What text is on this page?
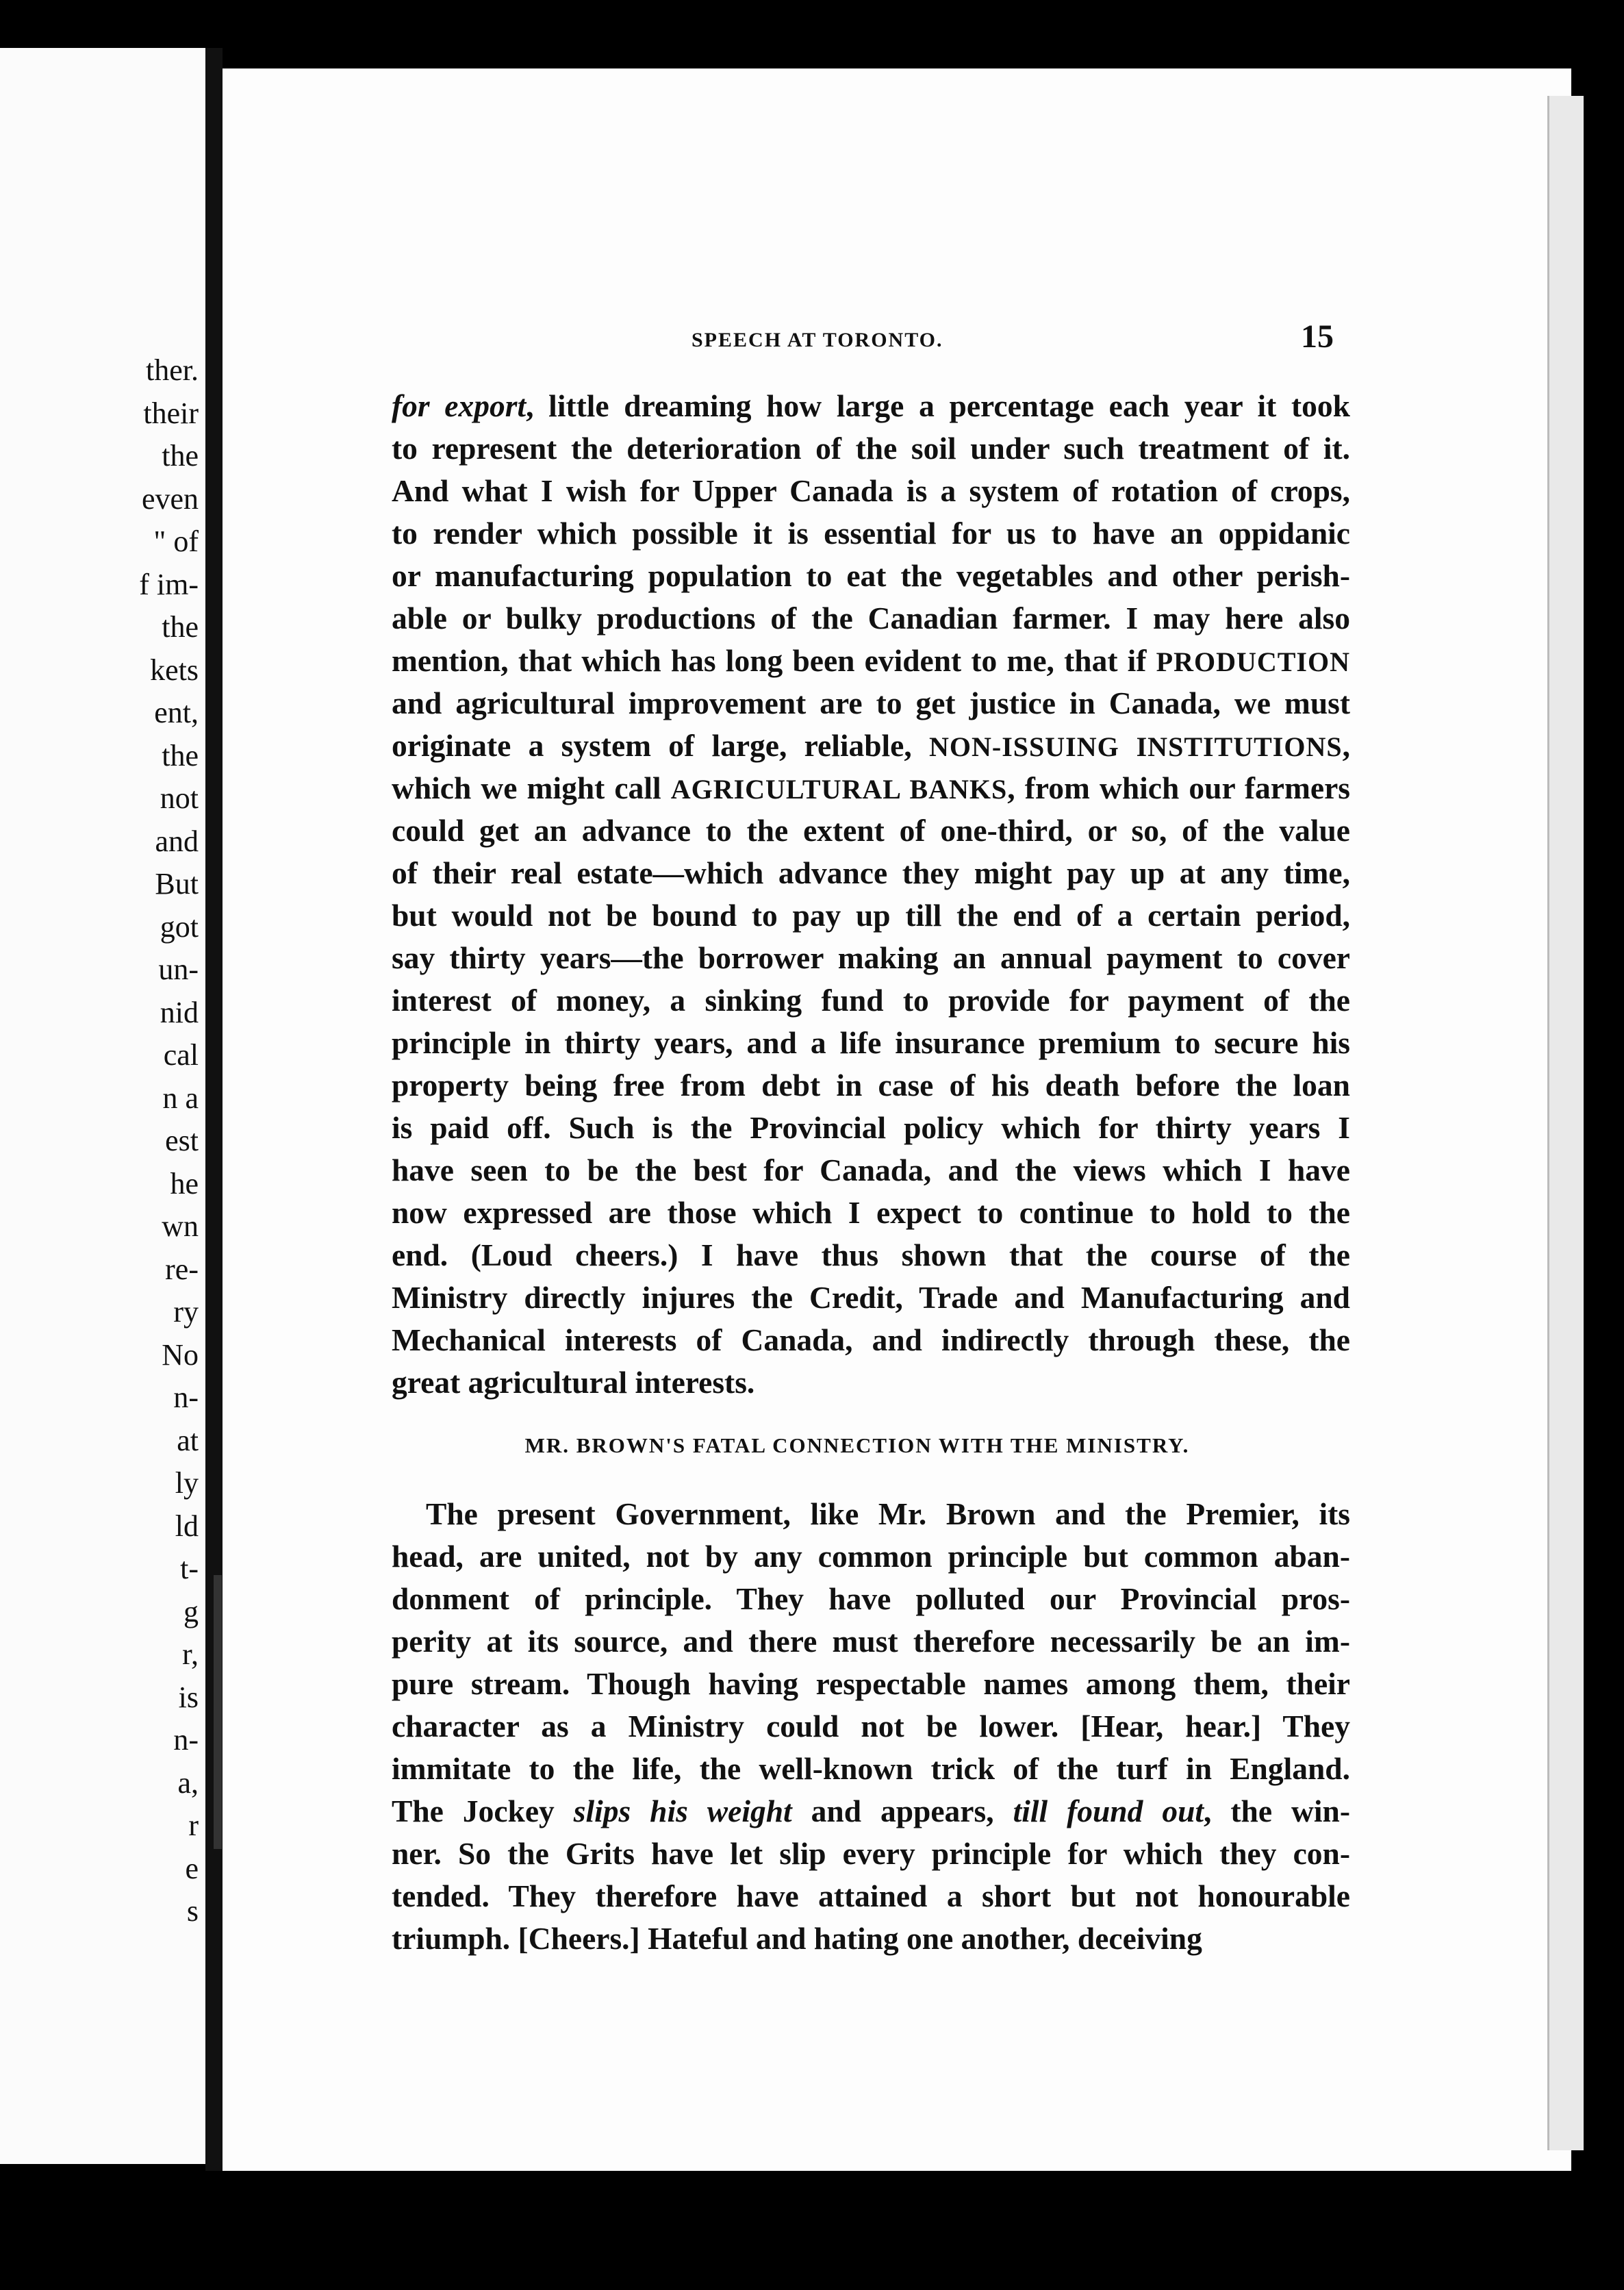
ther.
their
the
even
" of
f im-
the
kets
ent,
the
not
and
But
got
un-
nid
cal
n a
est
he
wn
re-
ry
No
n-
at
ly
ld
t-
g
r,
is
n-
a,
r
e
s
SPEECH AT TORONTO.	15
for export, little dreaming how large a percentage each year it took
to represent the deterioration of the soil under such treatment of it.
And what I wish for Upper Canada is a system of rotation of crops,
to render which possible it is essential for us to have an oppidanic
or manufacturing population to eat the vegetables and other perish-
able or bulky productions of the Canadian farmer. I may here also
mention, that which has long been evident to me, that if PRODUCTION
and agricultural improvement are to get justice in Canada, we must
originate a system of large, reliable, NON-ISSUING INSTITUTIONS,
which we might call AGRICULTURAL BANKS, from which our farmers
could get an advance to the extent of one-third, or so, of the value
of their real estate—which advance they might pay up at any time,
but would not be bound to pay up till the end of a certain period,
say thirty years—the borrower making an annual payment to cover
interest of money, a sinking fund to provide for payment of the
principle in thirty years, and a life insurance premium to secure his
property being free from debt in case of his death before the loan
is paid off. Such is the Provincial policy which for thirty years I
have seen to be the best for Canada, and the views which I have
now expressed are those which I expect to continue to hold to the
end. (Loud cheers.) I have thus shown that the course of the
Ministry directly injures the Credit, Trade and Manufacturing and
Mechanical interests of Canada, and indirectly through these, the
great agricultural interests.
MR. BROWN'S FATAL CONNECTION WITH THE MINISTRY.
The present Government, like Mr. Brown and the Premier, its
head, are united, not by any common principle but common aban-
donment of principle. They have polluted our Provincial pros-
perity at its source, and there must therefore necessarily be an im-
pure stream. Though having respectable names among them, their
character as a Ministry could not be lower. [Hear, hear.] They
immitate to the life, the well-known trick of the turf in England.
The Jockey slips his weight and appears, till found out, the win-
ner. So the Grits have let slip every principle for which they con-
tended. They therefore have attained a short but not honourable
triumph. [Cheers.] Hateful and hating one another, deceiving
